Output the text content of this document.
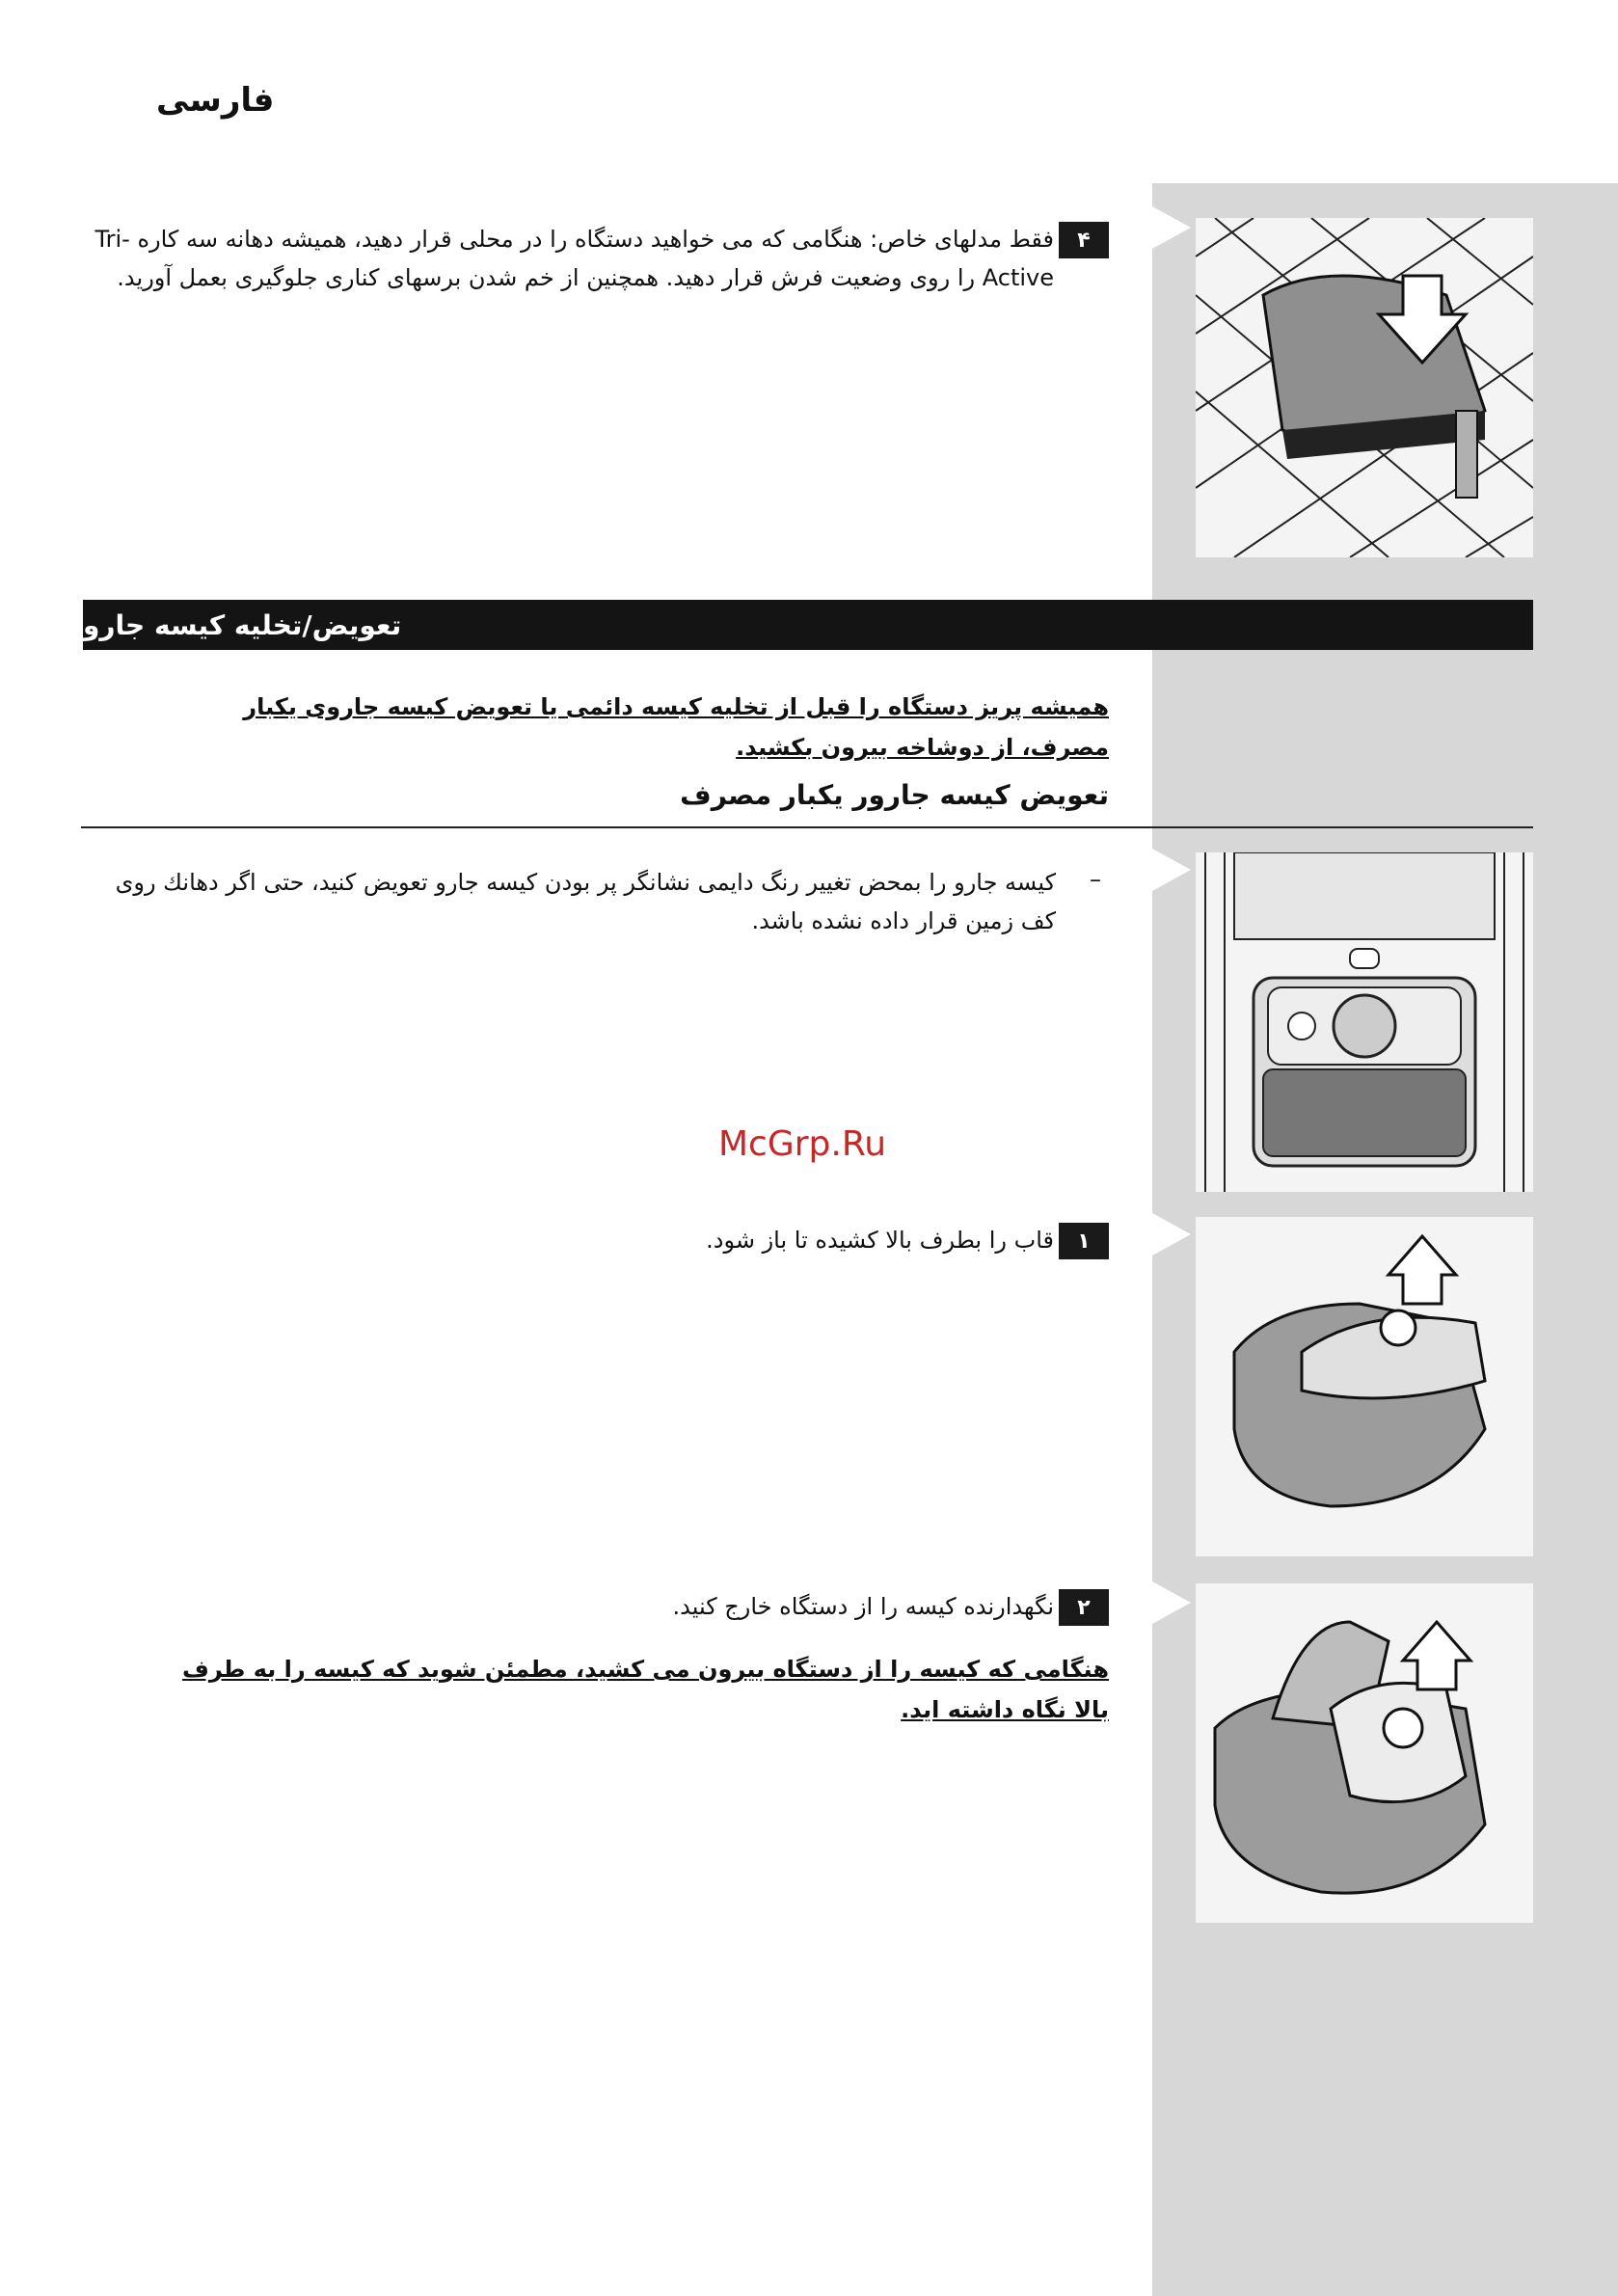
فارسی
۴
فقط مدلهای خاص: هنگامی که می خواهید دستگاه را در محلی قرار دهید، همیشه دهانه سه کاره Tri-Active را روی وضعیت فرش قرار دهید. همچنین از خم شدن برسهای کناری جلوگیری بعمل آورید.
تعویض/تخلیه کیسه جارو
همیشه پریز دستگاه را قبل از تخلیه کیسه دائمی یا تعویض کیسه جاروی یکبار مصرف، از دوشاخه بیرون بکشید.
تعویض کیسه جارور یکبار مصرف
–
کیسه جارو را بمحض تغییر رنگ دایمی نشانگر پر بودن کیسه جارو تعویض کنید، حتی اگر دهانك روی كف زمين قرار داده نشده باشد.
McGrp.Ru
۱
قاب را بطرف بالا کشیده تا باز شود.
۲
نگهدارنده کیسه را از دستگاه خارج کنید.
هنگامی که کیسه را از دستگاه بیرون می کشید، مطمئن شوید که کیسه را به طرف بالا نگاه داشته اید.
